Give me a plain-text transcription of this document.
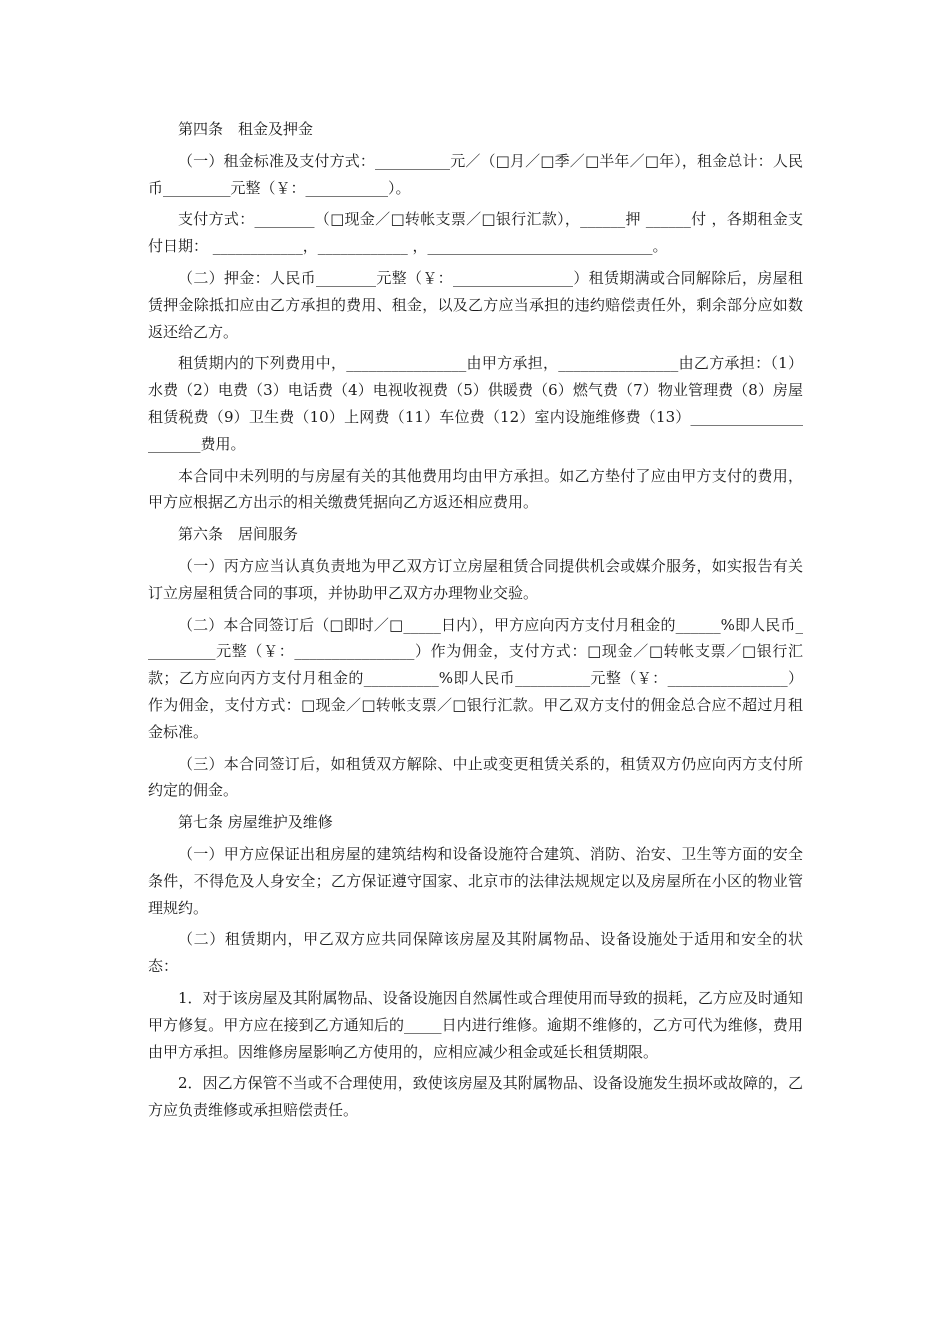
第四条　租金及押金

（一）租金标准及支付方式：__________元／（□月／□季／□半年／□年），租金总计：人民币_________元整（￥：___________）。

支付方式：________（□现金／□转帐支票／□银行汇款），______押 ______付 ，各期租金支付日期： ____________，____________ ，______________________________。

（二）押金：人民币________元整（￥：________________）租赁期满或合同解除后，房屋租赁押金除抵扣应由乙方承担的费用、租金，以及乙方应当承担的违约赔偿责任外，剩余部分应如数返还给乙方。

租赁期内的下列费用中，________________由甲方承担，________________由乙方承担：（1）水费（2）电费（3）电话费（4）电视收视费（5）供暖费（6）燃气费（7）物业管理费（8）房屋租赁税费（9）卫生费（10）上网费（11）车位费（12）室内设施维修费（13）______________________费用。

本合同中未列明的与房屋有关的其他费用均由甲方承担。如乙方垫付了应由甲方支付的费用，甲方应根据乙方出示的相关缴费凭据向乙方返还相应费用。

第六条　居间服务

（一）丙方应当认真负责地为甲乙双方订立房屋租赁合同提供机会或媒介服务，如实报告有关订立房屋租赁合同的事项，并协助甲乙双方办理物业交验。

（二）本合同签订后（□即时／□_____日内），甲方应向丙方支付月租金的______%即人民币__________元整（￥：________________）作为佣金，支付方式：□现金／□转帐支票／□银行汇款；乙方应向丙方支付月租金的__________%即人民币__________元整（￥：________________）作为佣金，支付方式：□现金／□转帐支票／□银行汇款。甲乙双方支付的佣金总合应不超过月租金标准。

（三）本合同签订后，如租赁双方解除、中止或变更租赁关系的，租赁双方仍应向丙方支付所约定的佣金。

第七条 房屋维护及维修

（一）甲方应保证出租房屋的建筑结构和设备设施符合建筑、消防、治安、卫生等方面的安全条件，不得危及人身安全；乙方保证遵守国家、北京市的法律法规规定以及房屋所在小区的物业管理规约。

（二）租赁期内，甲乙双方应共同保障该房屋及其附属物品、设备设施处于适用和安全的状态：

1．对于该房屋及其附属物品、设备设施因自然属性或合理使用而导致的损耗，乙方应及时通知甲方修复。甲方应在接到乙方通知后的_____日内进行维修。逾期不维修的，乙方可代为维修，费用由甲方承担。因维修房屋影响乙方使用的，应相应减少租金或延长租赁期限。

2．因乙方保管不当或不合理使用，致使该房屋及其附属物品、设备设施发生损坏或故障的，乙方应负责维修或承担赔偿责任。
